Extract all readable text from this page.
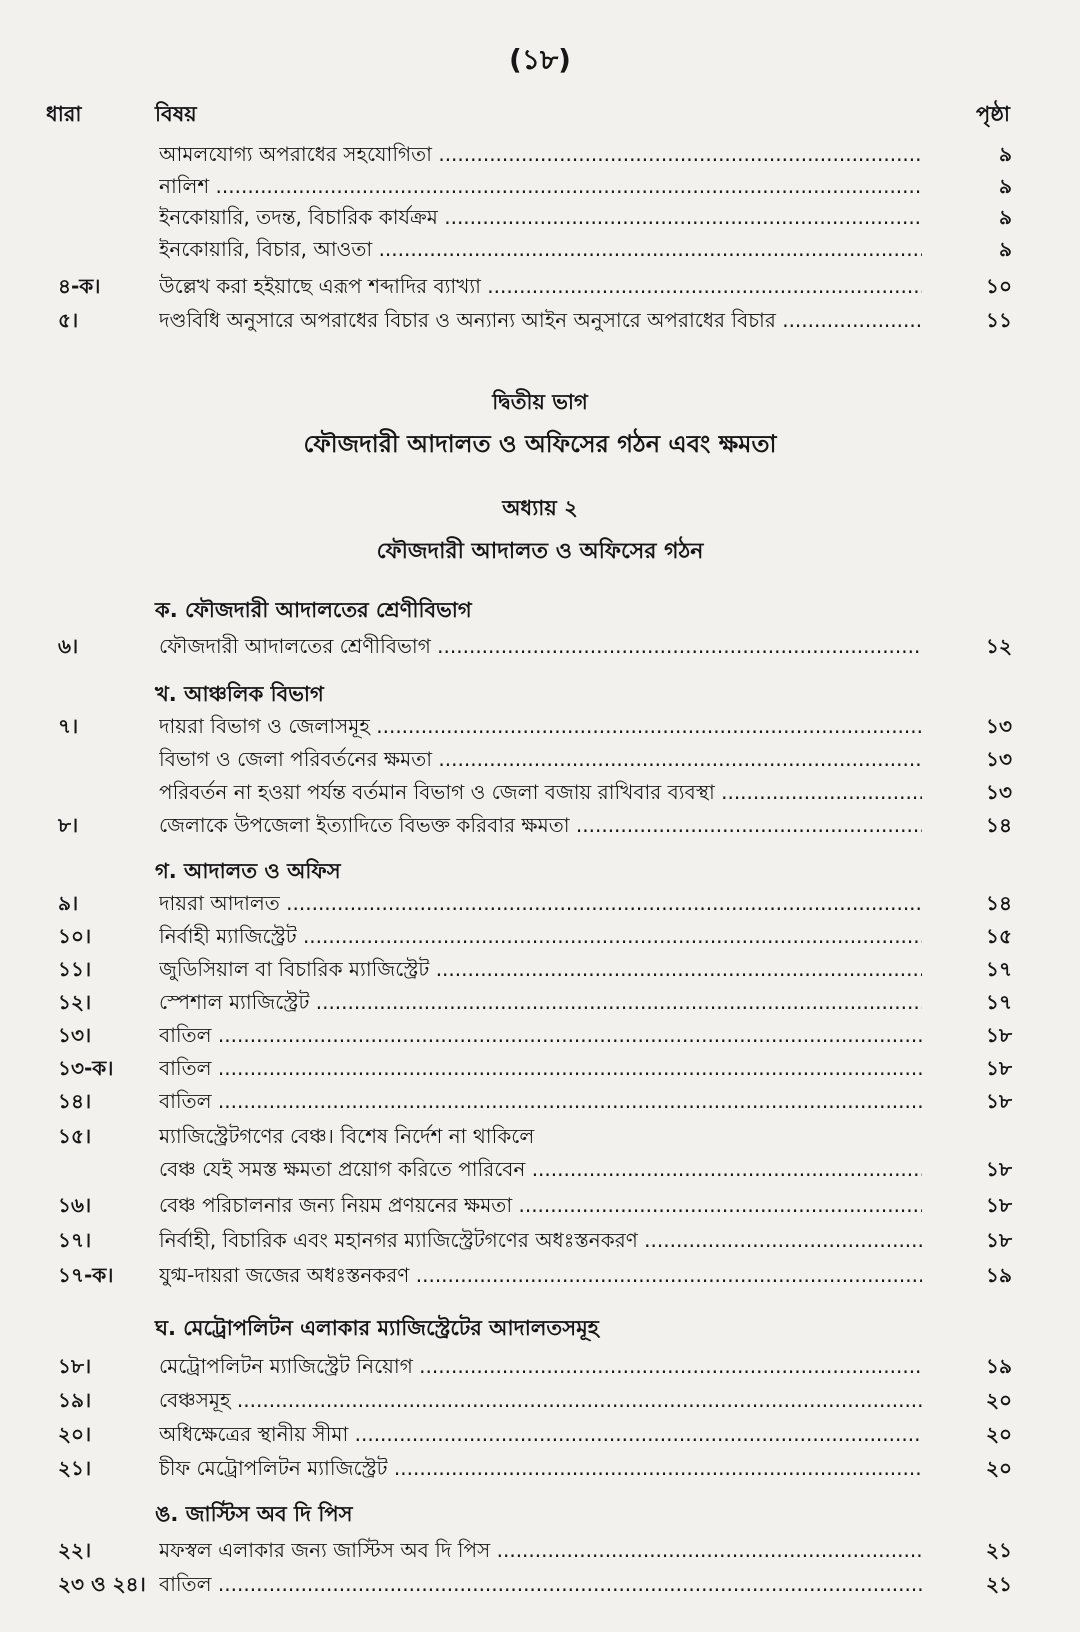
(১৮)
ধারা	বিষয়	পৃষ্ঠা
আমলযোগ্য অপরাধের সহযোগিতা .....	৯
নালিশ .....	৯
ইনকোয়ারি, তদন্ত, বিচারিক কার্যক্রম .....	৯
ইনকোয়ারি, বিচার, আওতা .....	৯
৪-ক।	উল্লেখ করা হইয়াছে এরূপ শব্দাদির ব্যাখ্যা .....	১০
৫।	দণ্ডবিধি অনুসারে অপরাধের বিচার ও অন্যান্য আইন অনুসারে অপরাধের বিচার .....	১১
দ্বিতীয় ভাগ
ফৌজদারী আদালত ও অফিসের গঠন এবং ক্ষমতা
অধ্যায় ২
ফৌজদারী আদালত ও অফিসের গঠন
ক. ফৌজদারী আদালতের শ্রেণীবিভাগ
৬।	ফৌজদারী আদালতের শ্রেণীবিভাগ .....	১২
খ. আঞ্চলিক বিভাগ
৭।	দায়রা বিভাগ ও জেলাসমূহ .....	১৩
বিভাগ ও জেলা পরিবর্তনের ক্ষমতা .....	১৩
পরিবর্তন না হওয়া পর্যন্ত বর্তমান বিভাগ ও জেলা বজায় রাখিবার ব্যবস্থা .....	১৩
৮।	জেলাকে উপজেলা ইত্যাদিতে বিভক্ত করিবার ক্ষমতা .....	১৪
গ. আদালত ও অফিস
৯।	দায়রা আদালত .....	১৪
১০।	নির্বাহী ম্যাজিস্ট্রেট .....	১৫
১১।	জুডিসিয়াল বা বিচারিক ম্যাজিস্ট্রেট .....	১৭
১২।	স্পেশাল ম্যাজিস্ট্রেট .....	১৭
১৩।	বাতিল .....	১৮
১৩-ক। বাতিল .....	১৮
১৪।	বাতিল .....	১৮
১৫।	ম্যাজিস্ট্রেটগণের বেঞ্চ। বিশেষ নির্দেশ না থাকিলে
বেঞ্চ যেই সমস্ত ক্ষমতা প্রয়োগ করিতে পারিবেন .....	১৮
১৬।	বেঞ্চ পরিচালনার জন্য নিয়ম প্রণয়নের ক্ষমতা .....	১৮
১৭।	নির্বাহী, বিচারিক এবং মহানগর ম্যাজিস্ট্রেটগণের অধঃস্তনকরণ .....	১৮
১৭-ক। যুগ্ম-দায়রা জজের অধঃস্তনকরণ .....	১৯
ঘ. মেট্রোপলিটন এলাকার ম্যাজিস্ট্রেটের আদালতসমূহ
১৮।	মেট্রোপলিটন ম্যাজিস্ট্রেট নিয়োগ .....	১৯
১৯।	বেঞ্চসমূহ .....	২০
২০।	অধিক্ষেত্রের স্থানীয় সীমা .....	২০
২১।	চীফ মেট্রোপলিটন ম্যাজিস্ট্রেট .....	২০
ঙ. জাস্টিস অব দি পিস
২২।	মফস্বল এলাকার জন্য জাস্টিস অব দি পিস .....	২১
২৩ ও ২৪। বাতিল .....	২১
